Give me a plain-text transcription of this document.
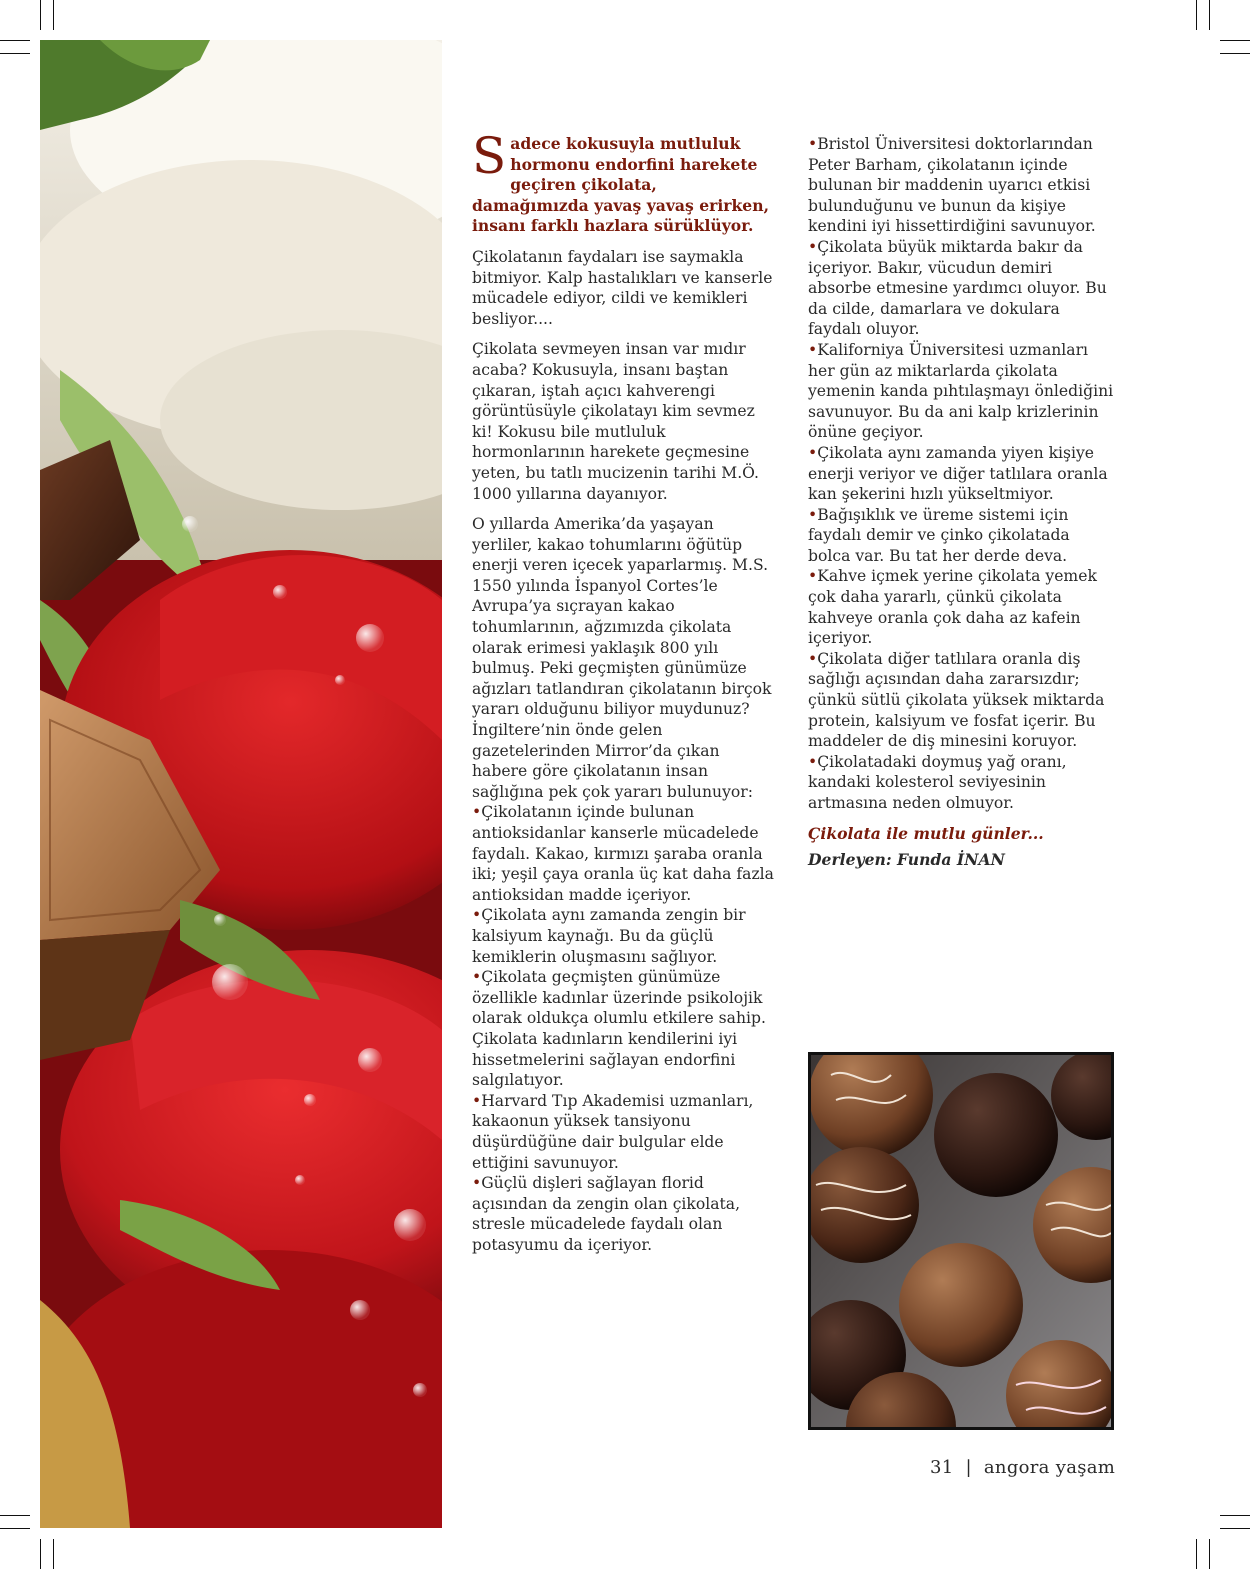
Sadece kokusuyla mutluluk hormonu endorfini harekete geçiren çikolata, damağımızda yavaş yavaş erirken, insanı farklı hazlara sürüklüyor.

Çikolatanın faydaları ise saymakla bitmiyor. Kalp hastalıkları ve kanserle mücadele ediyor, cildi ve kemikleri besliyor....

Çikolata sevmeyen insan var mıdır acaba? Kokusuyla, insanı baştan çıkaran, iştah açıcı kahverengi görüntüsüyle çikolatayı kim sevmez ki! Kokusu bile mutluluk hormonlarının harekete geçmesine yeten, bu tatlı mucizenin tarihi M.Ö. 1000 yıllarına dayanıyor.

O yıllarda Amerika’da yaşayan yerliler, kakao tohumlarını öğütüp enerji veren içecek yaparlarmış. M.S. 1550 yılında İspanyol Cortes’le Avrupa’ya sıçrayan kakao tohumlarının, ağzımızda çikolata olarak erimesi yaklaşık 800 yılı bulmuş. Peki geçmişten günümüze ağızları tatlandıran çikolatanın birçok yararı olduğunu biliyor muydunuz? İngiltere’nin önde gelen gazetelerinden Mirror’da çıkan habere göre çikolatanın insan sağlığına pek çok yararı bulunuyor:

• Çikolatanın içinde bulunan antioksidanlar kanserle mücadelede faydalı. Kakao, kırmızı şaraba oranla iki; yeşil çaya oranla üç kat daha fazla antioksidan madde içeriyor.

• Çikolata aynı zamanda zengin bir kalsiyum kaynağı. Bu da güçlü kemiklerin oluşmasını sağlıyor.

• Çikolata geçmişten günümüze özellikle kadınlar üzerinde psikolojik olarak oldukça olumlu etkilere sahip. Çikolata kadınların kendilerini iyi hissetmelerini sağlayan endorfini salgılatıyor.

• Harvard Tıp Akademisi uzmanları, kakaonun yüksek tansiyonu düşürdüğüne dair bulgular elde ettiğini savunuyor.

• Güçlü dişleri sağlayan florid açısından da zengin olan çikolata, stresle mücadelede faydalı olan potasyumu da içeriyor.

• Bristol Üniversitesi doktorlarından Peter Barham, çikolatanın içinde bulunan bir maddenin uyarıcı etkisi bulunduğunu ve bunun da kişiye kendini iyi hissettirdiğini savunuyor.

• Çikolata büyük miktarda bakır da içeriyor. Bakır, vücudun demiri absorbe etmesine yardımcı oluyor. Bu da cilde, damarlara ve dokulara faydalı oluyor.

• Kaliforniya Üniversitesi uzmanları her gün az miktarlarda çikolata yemenin kanda pıhtılaşmayı önlediğini savunuyor. Bu da ani kalp krizlerinin önüne geçiyor.

• Çikolata aynı zamanda yiyen kişiye enerji veriyor ve diğer tatlılara oranla kan şekerini hızlı yükseltmiyor.

• Bağışıklık ve üreme sistemi için faydalı demir ve çinko çikolatada bolca var. Bu tat her derde deva.

• Kahve içmek yerine çikolata yemek çok daha yararlı, çünkü çikolata kahveye oranla çok daha az kafein içeriyor.

• Çikolata diğer tatlılara oranla diş sağlığı açısından daha zararsızdır; çünkü sütlü çikolata yüksek miktarda protein, kalsiyum ve fosfat içerir. Bu maddeler de diş minesini koruyor.

• Çikolatadaki doymuş yağ oranı, kandaki kolesterol seviyesinin artmasına neden olmuyor.

Çikolata ile mutlu günler...

Derleyen: Funda İNAN

31 | angora yaşam
